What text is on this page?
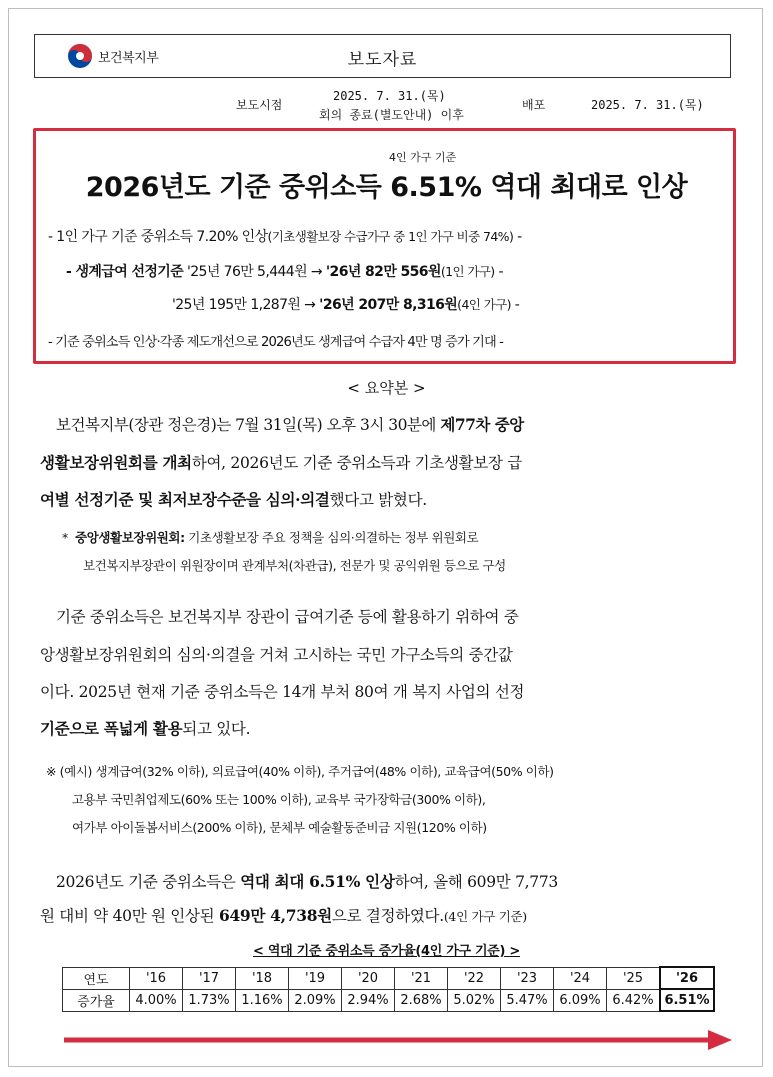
보건복지부	보도자료
보도시점
2025. 7. 31.(목)
회의 종료(별도안내) 이후
배포	2025. 7. 31.(목)
4인 가구 기준
2026년도 기준 중위소득 6.51% 역대 최대로 인상
- 1인 가구 기준 중위소득 7.20% 인상(기초생활보장 수급가구 중 1인 가구 비중 74%) -
- 생계급여 선정기준 '25년 76만 5,444원 → '26년 82만 556원(1인 가구) -
'25년 195만 1,287원 → '26년 207만 8,316원(4인 가구) -
- 기준 중위소득 인상·각종 제도개선으로 2026년도 생계급여 수급자 4만 명 증가 기대 -
< 요약본 >
보건복지부(장관 정은경)는 7월 31일(목) 오후 3시 30분에 제77차 중앙
생활보장위원회를 개최하여, 2026년도 기준 중위소득과 기초생활보장 급
여별 선정기준 및 최저보장수준을 심의·의결했다고 밝혔다.
* 중앙생활보장위원회: 기초생활보장 주요 정책을 심의·의결하는 정부 위원회로
보건복지부장관이 위원장이며 관계부처(차관급), 전문가 및 공익위원 등으로 구성
기준 중위소득은 보건복지부 장관이 급여기준 등에 활용하기 위하여 중
앙생활보장위원회의 심의·의결을 거쳐 고시하는 국민 가구소득의 중간값
이다. 2025년 현재 기준 중위소득은 14개 부처 80여 개 복지 사업의 선정
기준으로 폭넓게 활용되고 있다.
※ (예시) 생계급여(32% 이하), 의료급여(40% 이하), 주거급여(48% 이하), 교육급여(50% 이하)
고용부 국민취업제도(60% 또는 100% 이하), 교육부 국가장학금(300% 이하),
여가부 아이돌봄서비스(200% 이하), 문체부 예술활동준비금 지원(120% 이하)
2026년도 기준 중위소득은 역대 최대 6.51% 인상하여, 올해 609만 7,773
원 대비 약 40만 원 인상된 649만 4,738원으로 결정하였다.(4인 가구 기준)
< 역대 기준 중위소득 증가율(4인 가구 기준) >
연도	'16	'17	'18	'19	'20	'21	'22	'23	'24	'25	'26
증가율	4.00%	1.73%	1.16%	2.09%	2.94%	2.68%	5.02%	5.47%	6.09%	6.42%	6.51%
